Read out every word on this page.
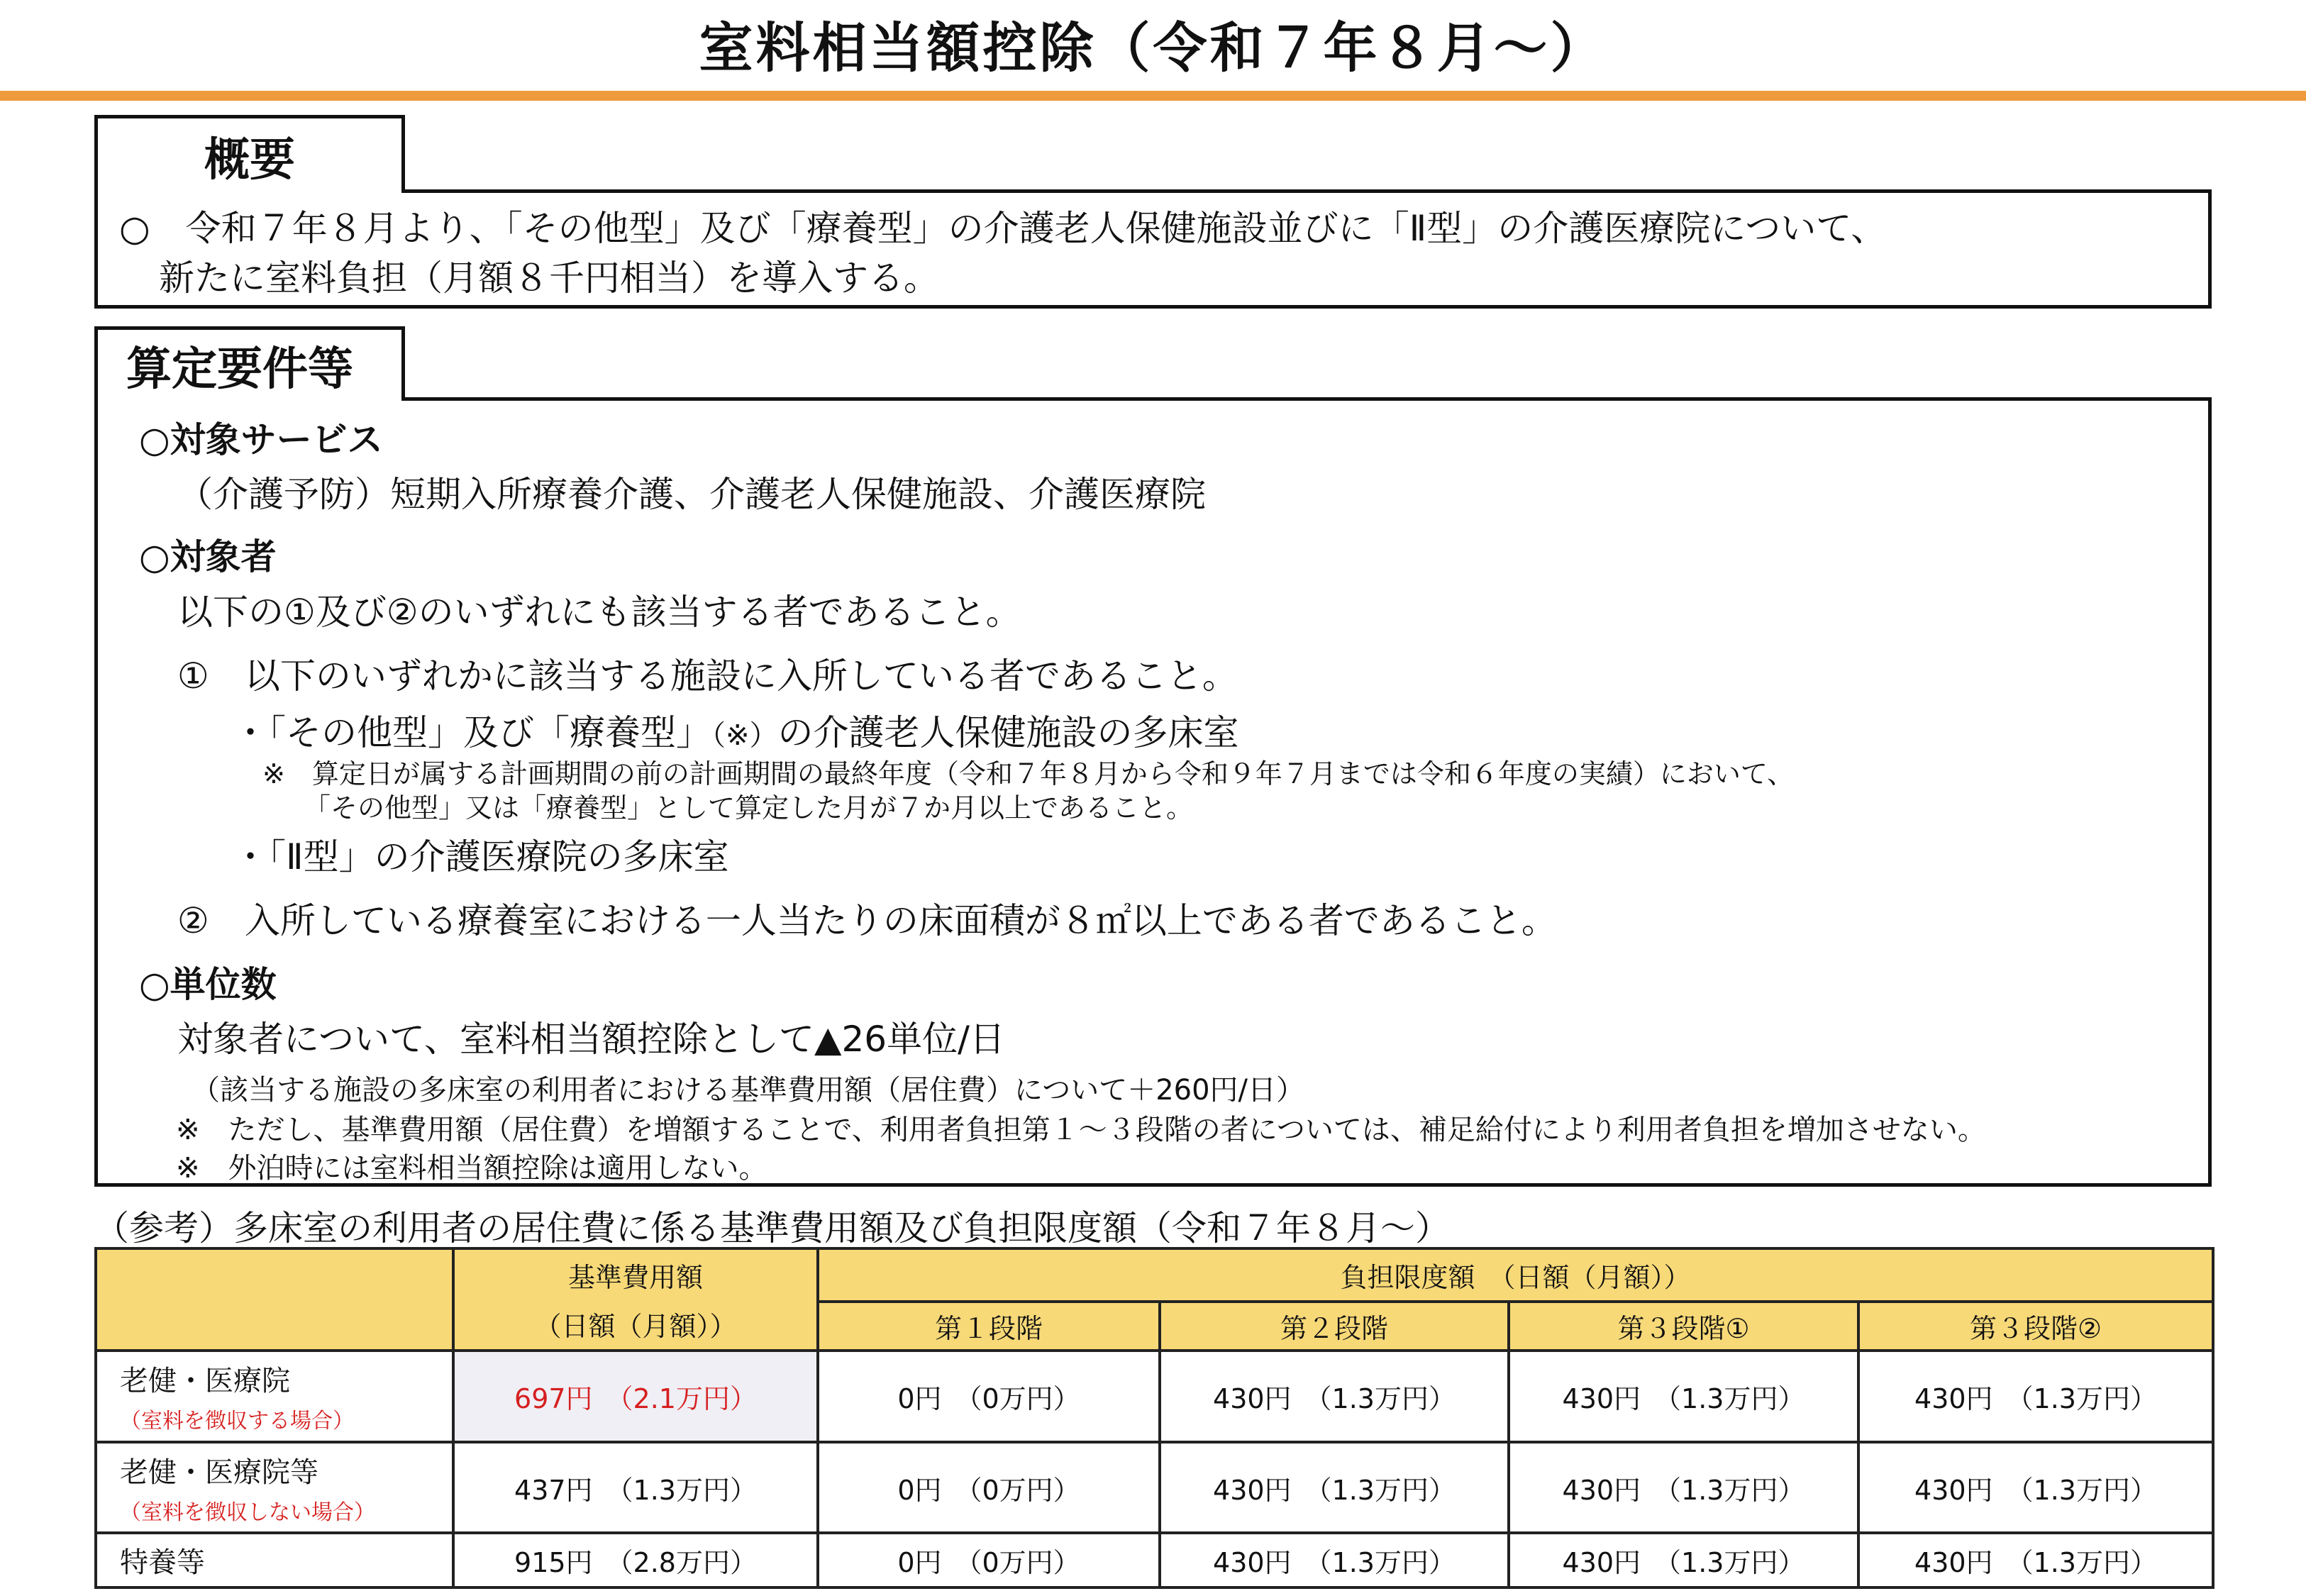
室料相当額控除（令和７年８月～）
概要
○　令和７年８月より、「その他型」及び「療養型」の介護老人保健施設並びに「Ⅱ型」の介護医療院について、
新たに室料負担（月額８千円相当）を導入する。
算定要件等
○対象サービス
（介護予防）短期入所療養介護、介護老人保健施設、介護医療院
○対象者
以下の①及び②のいずれにも該当する者であること。
①　以下のいずれかに該当する施設に入所している者であること。
・「その他型」及び「療養型」（※）の介護老人保健施設の多床室
※　算定日が属する計画期間の前の計画期間の最終年度（令和７年８月から令和９年７月までは令和６年度の実績）において、
「その他型」又は「療養型」として算定した月が７か月以上であること。
・「Ⅱ型」の介護医療院の多床室
②　入所している療養室における一人当たりの床面積が８㎡以上である者であること。
○単位数
対象者について、室料相当額控除として▲26単位/日
（該当する施設の多床室の利用者における基準費用額（居住費）について＋260円/日）
※　ただし、基準費用額（居住費）を増額することで、利用者負担第１～３段階の者については、補足給付により利用者負担を増加させない。
※　外泊時には室料相当額控除は適用しない。
（参考）多床室の利用者の居住費に係る基準費用額及び負担限度額（令和７年８月～）

	基準費用額
（日額（月額））	負担限度額　（日額（月額））			
		第１段階	第２段階	第３段階①	第３段階②

老健・医療院
（室料を徴収する場合）	697円　（2.1万円）	0円　（0万円）	430円　（1.3万円）	430円　（1.3万円）	430円　（1.3万円）

老健・医療院等
（室料を徴収しない場合）	437円　（1.3万円）	0円　（0万円）	430円　（1.3万円）	430円　（1.3万円）	430円　（1.3万円）

特養等	915円　（2.8万円）	0円　（0万円）	430円　（1.3万円）	430円　（1.3万円）	430円　（1.3万円）
